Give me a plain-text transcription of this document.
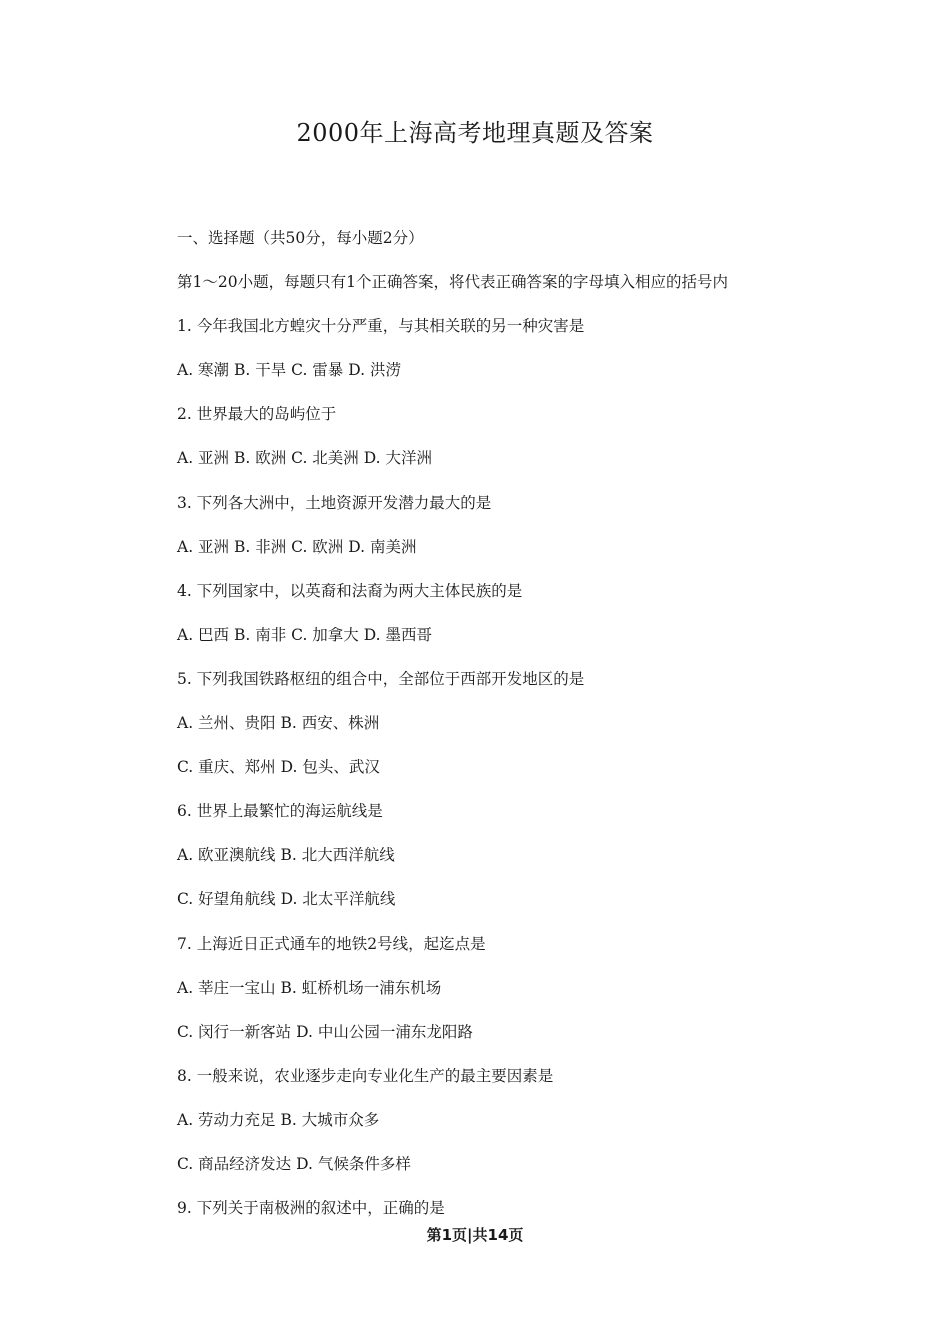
2000年上海高考地理真题及答案
一、选择题（共50分，每小题2分）
第1～20小题，每题只有1个正确答案，将代表正确答案的字母填入相应的括号内
1. 今年我国北方蝗灾十分严重，与其相关联的另一种灾害是
A. 寒潮 B. 干旱 C. 雷暴 D. 洪涝
2. 世界最大的岛屿位于
A. 亚洲 B. 欧洲 C. 北美洲 D. 大洋洲
3. 下列各大洲中，土地资源开发潜力最大的是
A. 亚洲 B. 非洲 C. 欧洲 D. 南美洲
4. 下列国家中，以英裔和法裔为两大主体民族的是
A. 巴西 B. 南非 C. 加拿大 D. 墨西哥
5. 下列我国铁路枢纽的组合中，全部位于西部开发地区的是
A. 兰州、贵阳 B. 西安、株洲
C. 重庆、郑州 D. 包头、武汉
6. 世界上最繁忙的海运航线是
A. 欧亚澳航线 B. 北大西洋航线
C. 好望角航线 D. 北太平洋航线
7. 上海近日正式通车的地铁2号线，起迄点是
A. 莘庄一宝山 B. 虹桥机场一浦东机场
C. 闵行一新客站 D. 中山公园一浦东龙阳路
8. 一般来说，农业逐步走向专业化生产的最主要因素是
A. 劳动力充足 B. 大城市众多
C. 商品经济发达 D. 气候条件多样
9. 下列关于南极洲的叙述中，正确的是
第1页|共14页
